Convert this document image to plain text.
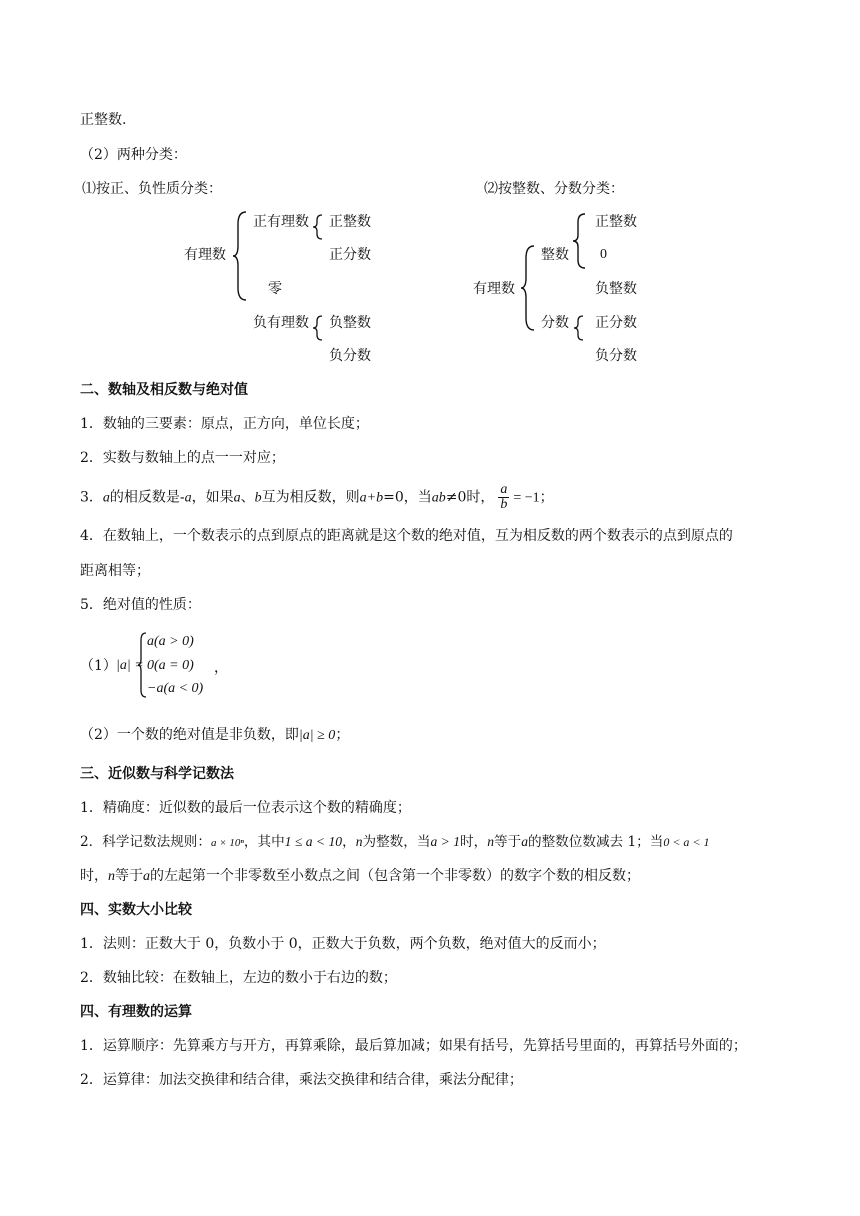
正整数.
（2）两种分类：
⑴按正、负性质分类：	⑵按整数、分数分类：
有理数
正有理数 正整数
正分数
零
负有理数 负整数
负分数
有理数
整数
正整数
0
负整数
分数 正分数
负分数
二、数轴及相反数与绝对值
1．数轴的三要素：原点，正方向，单位长度；
2．实数与数轴上的点一一对应；
3．a的相反数是-a，如果a、b互为相反数，则a+b=0，当ab≠0时， $\frac{a}{b} = -1$；
4．在数轴上，一个数表示的点到原点的距离就是这个数的绝对值，互为相反数的两个数表示的点到原点的
距离相等；
5．绝对值的性质：
（1） |a| =
a(a > 0)
0(a = 0)
−a(a < 0)
，
（2）一个数的绝对值是非负数，即|a| ≥ 0；
三、近似数与科学记数法
1．精确度：近似数的最后一位表示这个数的精确度；
2．科学记数法规则：a × 10ⁿ，其中1 ≤ a < 10，n为整数，当a > 1时，n等于a的整数位数减去 1；当0 < a < 1
时，n等于a的左起第一个非零数至小数点之间（包含第一个非零数）的数字个数的相反数；
四、实数大小比较
1．法则：正数大于 0，负数小于 0，正数大于负数，两个负数，绝对值大的反而小；
2．数轴比较：在数轴上，左边的数小于右边的数；
四、有理数的运算
1．运算顺序：先算乘方与开方，再算乘除，最后算加减；如果有括号，先算括号里面的，再算括号外面的；
2．运算律：加法交换律和结合律，乘法交换律和结合律，乘法分配律；
